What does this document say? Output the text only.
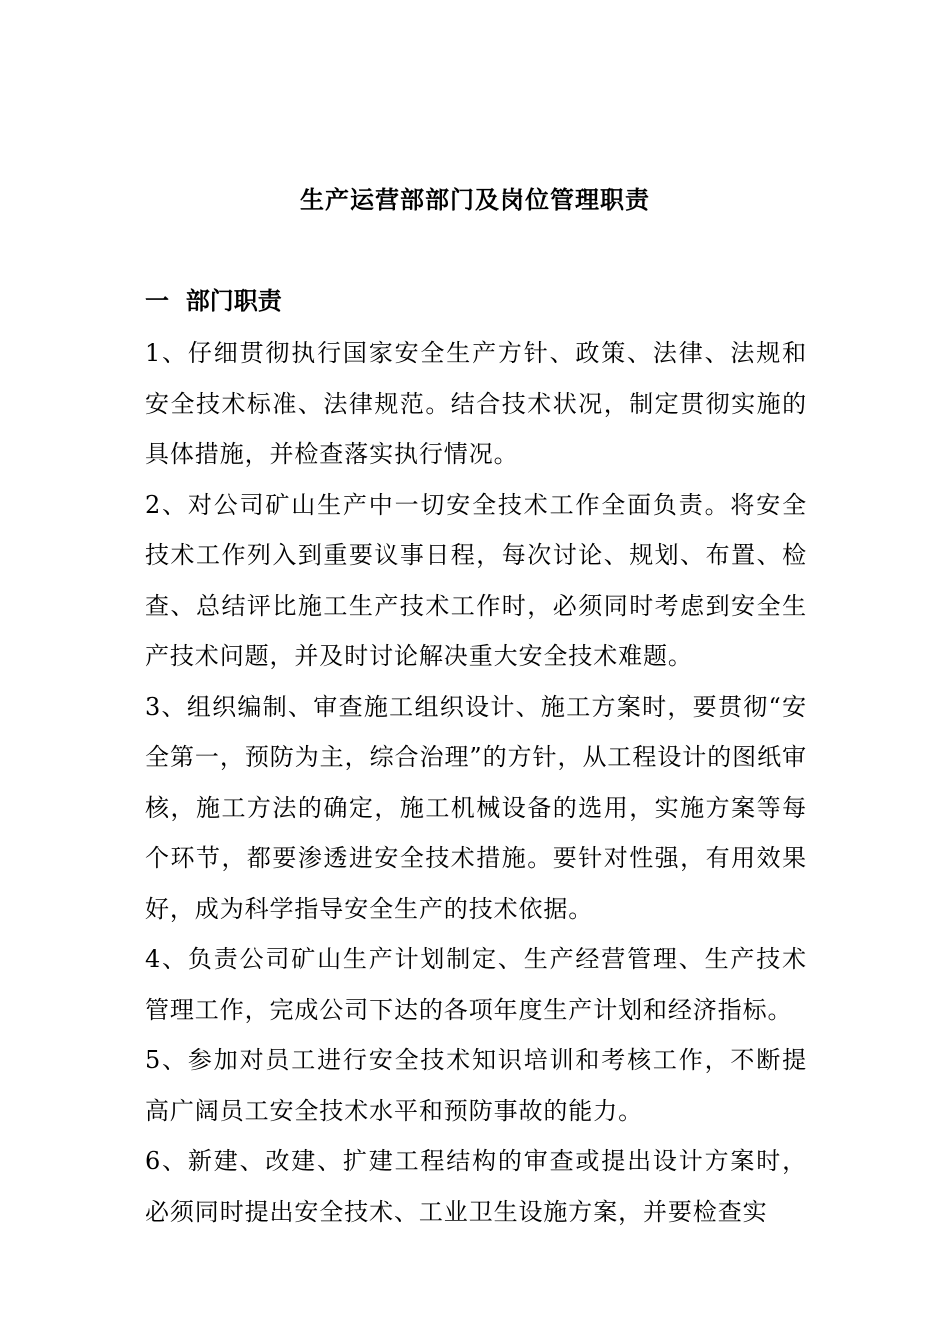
生产运营部部门及岗位管理职责
一  部门职责

1、仔细贯彻执行国家安全生产方针、政策、法律、法规和安全技术标准、法律规范。结合技术状况，制定贯彻实施的具体措施，并检查落实执行情况。

2、对公司矿山生产中一切安全技术工作全面负责。将安全技术工作列入到重要议事日程，每次讨论、规划、布置、检查、总结评比施工生产技术工作时，必须同时考虑到安全生产技术问题，并及时讨论解决重大安全技术难题。

3、组织编制、审查施工组织设计、施工方案时，要贯彻“安全第一，预防为主，综合治理”的方针，从工程设计的图纸审核，施工方法的确定，施工机械设备的选用，实施方案等每个环节，都要渗透进安全技术措施。要针对性强，有用效果好，成为科学指导安全生产的技术依据。

4、负责公司矿山生产计划制定、生产经营管理、生产技术管理工作，完成公司下达的各项年度生产计划和经济指标。

5、参加对员工进行安全技术知识培训和考核工作，不断提高广阔员工安全技术水平和预防事故的能力。

6、新建、改建、扩建工程结构的审查或提出设计方案时，必须同时提出安全技术、工业卫生设施方案，并要检查实
